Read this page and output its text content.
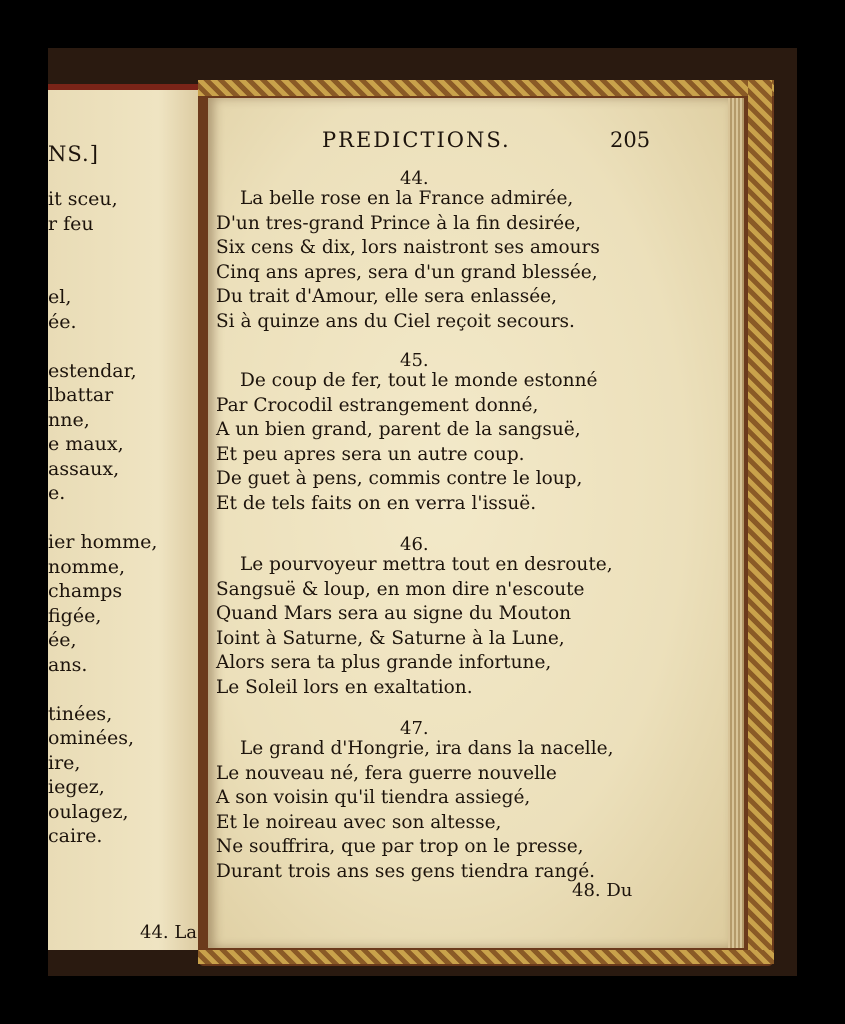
NS.]
it sceu,
r feu
el,
ée.
estendar,
lbattar
nne,
e maux,
assaux,
e.
ier homme,
nomme,
champs
figée,
ée,
ans.
tinées,
ominées,
ire,
iegez,
oulagez,
caire.
44. La
PREDICTIONS.	205
44.
La belle rose en la France admirée,
D'un tres-grand Prince à la fin desirée,
Six cens & dix, lors naistront ses amours
Cinq ans apres, sera d'un grand blessée,
Du trait d'Amour, elle sera enlassée,
Si à quinze ans du Ciel reçoit secours.
45.
De coup de fer, tout le monde estonné
Par Crocodil estrangement donné,
A un bien grand, parent de la sangsuë,
Et peu apres sera un autre coup.
De guet à pens, commis contre le loup,
Et de tels faits on en verra l'issuë.
46.
Le pourvoyeur mettra tout en desroute,
Sangsuë & loup, en mon dire n'escoute
Quand Mars sera au signe du Mouton
Ioint à Saturne, & Saturne à la Lune,
Alors sera ta plus grande infortune,
Le Soleil lors en exaltation.
47.
Le grand d'Hongrie, ira dans la nacelle,
Le nouveau né, fera guerre nouvelle
A son voisin qu'il tiendra assiegé,
Et le noireau avec son altesse,
Ne souffrira, que par trop on le presse,
Durant trois ans ses gens tiendra rangé.
48. Du
